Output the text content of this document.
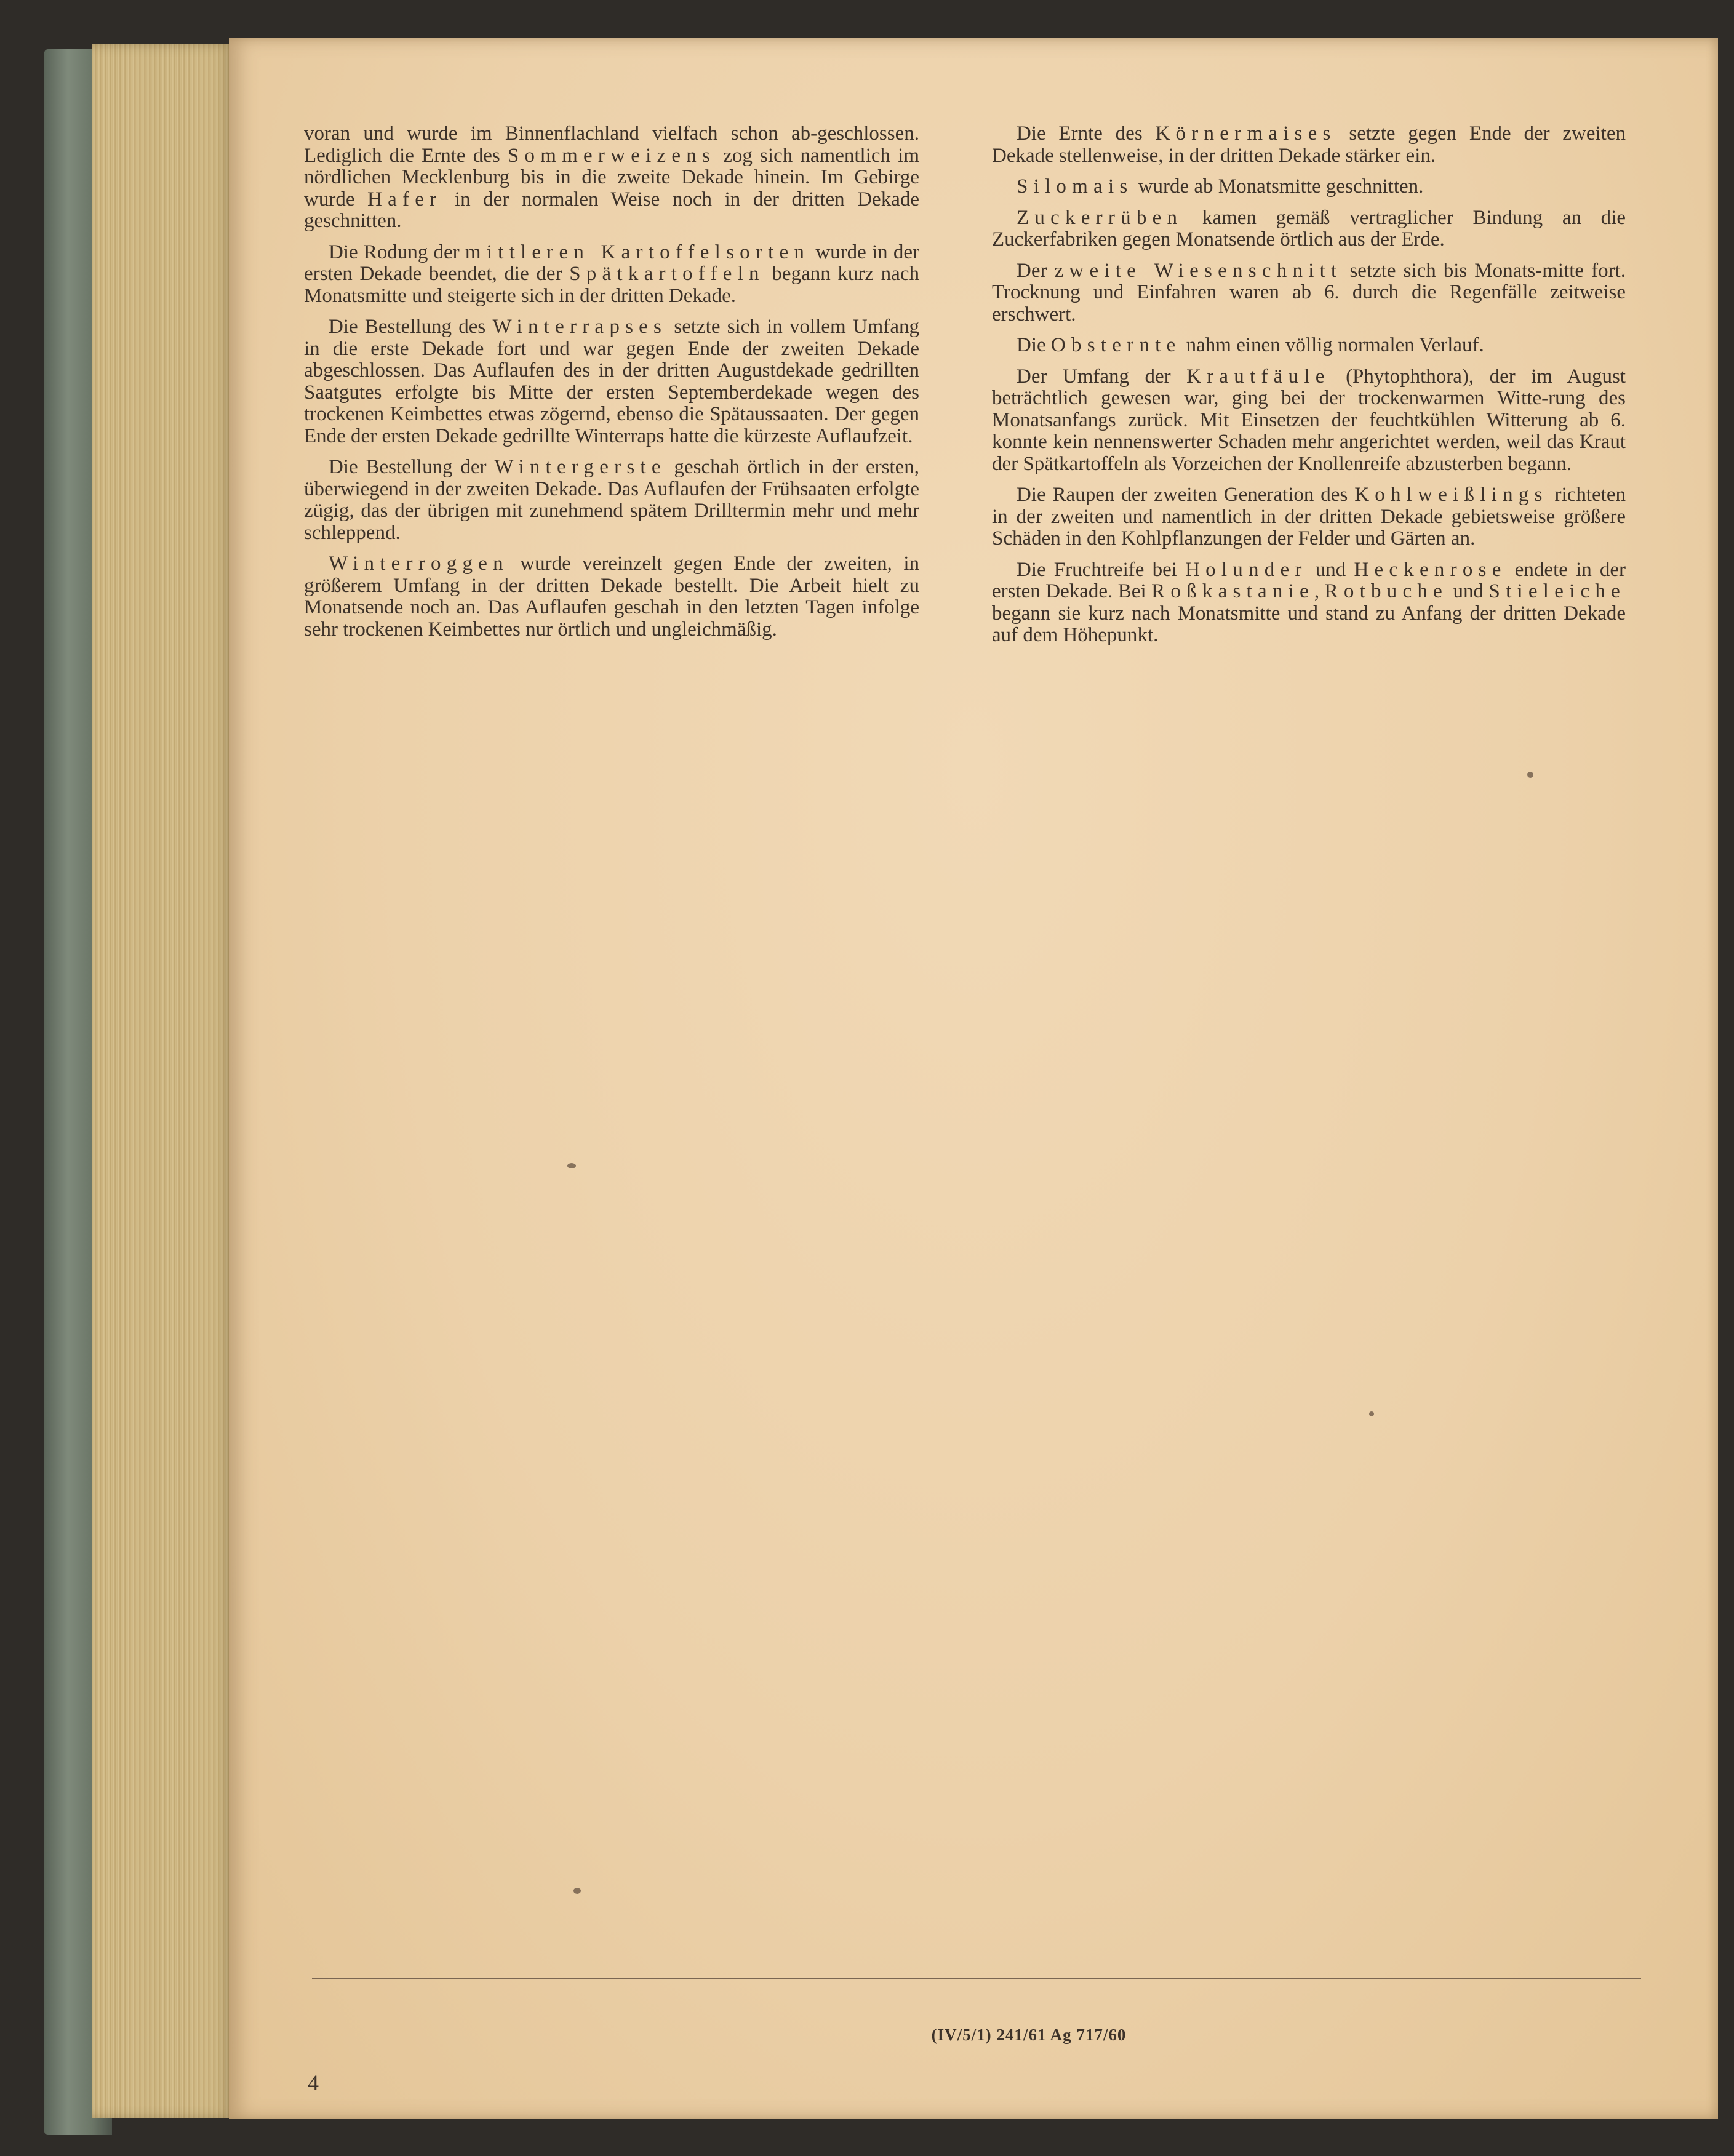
voran und wurde im Binnenflachland vielfach schon ab-geschlossen. Lediglich die Ernte des Sommerweizens zog sich namentlich im nördlichen Mecklenburg bis in die zweite Dekade hinein. Im Gebirge wurde Hafer in der normalen Weise noch in der dritten Dekade geschnitten.

Die Rodung der mittleren Kartoffelsorten wurde in der ersten Dekade beendet, die der Spätkartoffeln begann kurz nach Monatsmitte und steigerte sich in der dritten Dekade.

Die Bestellung des Winterrapses setzte sich in vollem Umfang in die erste Dekade fort und war gegen Ende der zweiten Dekade abgeschlossen. Das Auflaufen des in der dritten Augustdekade gedrillten Saatgutes erfolgte bis Mitte der ersten Septemberdekade wegen des trockenen Keimbettes etwas zögernd, ebenso die Spätaussaaten. Der gegen Ende der ersten Dekade gedrillte Winterraps hatte die kürzeste Auflaufzeit.

Die Bestellung der Wintergerste geschah örtlich in der ersten, überwiegend in der zweiten Dekade. Das Auflaufen der Frühsaaten erfolgte zügig, das der übrigen mit zunehmend spätem Drilltermin mehr und mehr schleppend.

Winterroggen wurde vereinzelt gegen Ende der zweiten, in größerem Umfang in der dritten Dekade bestellt. Die Arbeit hielt zu Monatsende noch an. Das Auflaufen geschah in den letzten Tagen infolge sehr trockenen Keimbettes nur örtlich und ungleichmäßig.

Die Ernte des Körnermaises setzte gegen Ende der zweiten Dekade stellenweise, in der dritten Dekade stärker ein.

Silomais wurde ab Monatsmitte geschnitten.

Zuckerrüben kamen gemäß vertraglicher Bindung an die Zuckerfabriken gegen Monatsende örtlich aus der Erde.

Der zweite Wiesenschnitt setzte sich bis Monats-mitte fort. Trocknung und Einfahren waren ab 6. durch die Regenfälle zeitweise erschwert.

Die Obsternte nahm einen völlig normalen Verlauf.

Der Umfang der Krautfäule (Phytophthora), der im August beträchtlich gewesen war, ging bei der trockenwarmen Witte-rung des Monatsanfangs zurück. Mit Einsetzen der feuchtkühlen Witterung ab 6. konnte kein nennenswerter Schaden mehr angerichtet werden, weil das Kraut der Spätkartoffeln als Vorzeichen der Knollenreife abzusterben begann.

Die Raupen der zweiten Generation des Kohlweißlings richteten in der zweiten und namentlich in der dritten Dekade gebietsweise größere Schäden in den Kohlpflanzungen der Felder und Gärten an.

Die Fruchtreife bei Holunder und Heckenrose endete in der ersten Dekade. Bei Roßkastanie, Rotbuche und Stieleiche begann sie kurz nach Monatsmitte und stand zu Anfang der dritten Dekade auf dem Höhepunkt.

(IV/5/1) 241/61 Ag 717/60
4
